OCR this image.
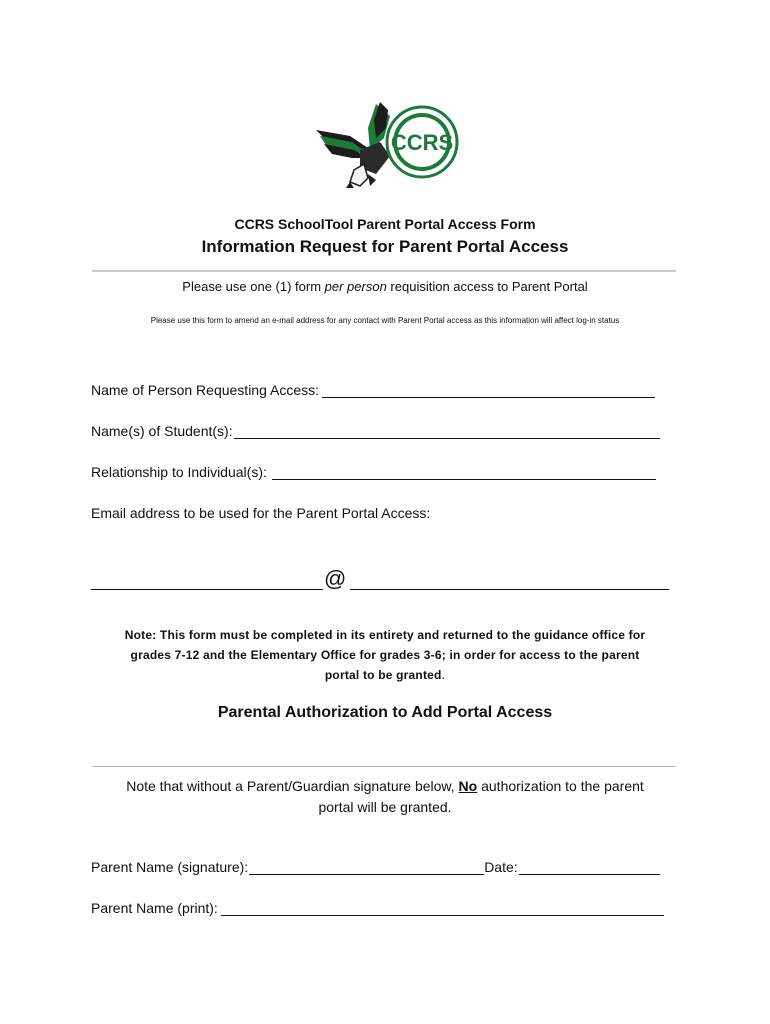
CCRS
CCRS SchoolTool Parent Portal Access Form
Information Request for Parent Portal Access
Please use one (1) form per person requisition access to Parent Portal
Please use this form to amend an e-mail address for any contact with Parent Portal access as this information will affect log-in status
Name of Person Requesting Access:
Name(s) of Student(s):
Relationship to Individual(s):
Email address to be used for the Parent Portal Access:
@
Note: This form must be completed in its entirety and returned to the guidance office for
grades 7-12 and the Elementary Office for grades 3-6; in order for access to the parent
portal to be granted.
Parental Authorization to Add Portal Access
Note that without a Parent/Guardian signature below, No authorization to the parent
portal will be granted.
Parent Name (signature):	Date:
Parent Name (print):
